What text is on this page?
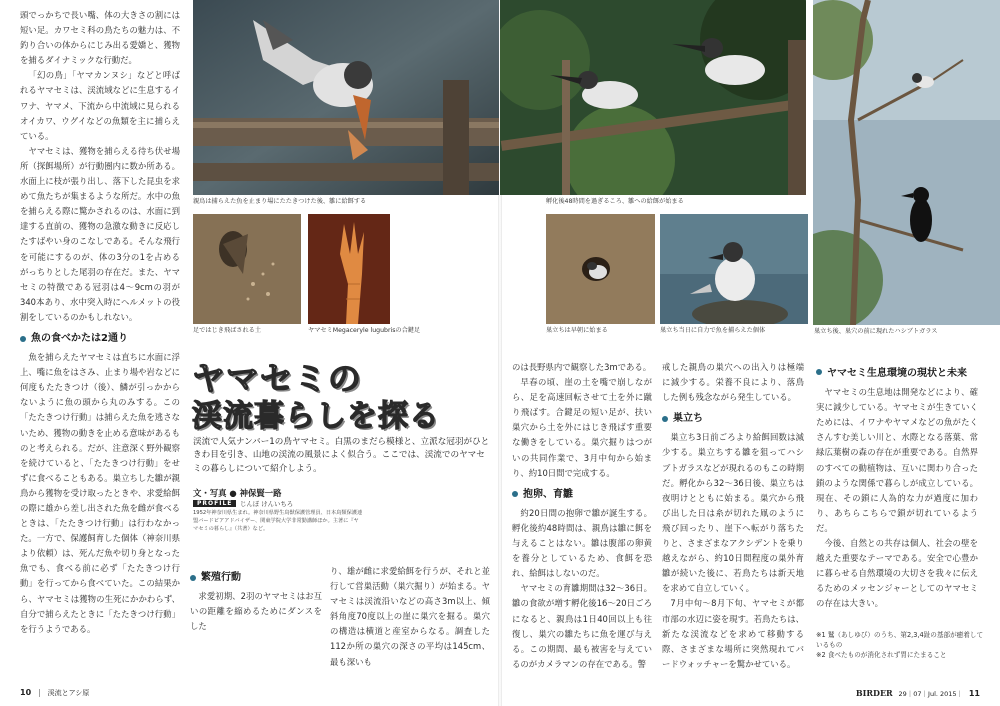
親鳥は捕らえた魚を止まり場にたたきつけた後、雛に給餌する	孵化後48時間を過ぎるころ、雛への給餌が始まる
巣立ち後、巣穴の前に現れたハシブトガラス
足ではじき飛ばされる土	ヤマセミMegaceryle lugubrisの合鍵足	巣立ちは早朝に始まる	巣立ち当日に自力で魚を捕らえた個体

頭でっかちで長い嘴、体の大きさの割には短い足。カワセミ科の鳥たちの魅力は、不釣り合いの体からにじみ出る愛嬌と、獲物を捕るダイナミックな行動だ。

「幻の鳥」「ヤマカンヌシ」などと呼ばれるヤマセミは、渓流域などに生息するイワナ、ヤマメ、下流から中流域に見られるオイカワ、ウグイなどの魚類を主に捕らえている。

ヤマセミは、獲物を捕らえる待ち伏せ場所（探餌場所）が行動圏内に数か所ある。水面上に枝が張り出し、落下した昆虫を求めて魚たちが集まるような所だ。水中の魚を捕らえる際に驚かされるのは、水面に到達する直前の、獲物の急激な動きに反応したすばやい身のこなしである。そんな飛行を可能にするのが、体の3分の1を占めるがっちりとした尾羽の存在だ。また、ヤマセミの特徴である冠羽は4〜9cmの羽が340本あり、水中突入時にヘルメットの役割をしているのかもしれない。

魚の食べかたは2通り

魚を捕らえたヤマセミは直ちに水面に浮上、嘴に魚をはさみ、止まり場や岩などに何度もたたきつけ（後）、鱗が引っかからないように魚の頭から丸のみする。この「たたきつけ行動」は捕らえた魚を逃さないため、獲物の動きを止める意味があるものと考えられる。だが、注意深く野外観察を続けていると、「たたきつけ行動」をせずに食べることもある。巣立ちした雛が親鳥から獲物を受け取ったときや、求愛給餌の際に雄から差し出された魚を雌が食べるときは、「たたきつけ行動」は行わなかった。一方で、保護飼育した個体（神奈川県より依頼）は、死んだ魚や切り身となった魚でも、食べる前に必ず「たたきつけ行動」を行ってから食べていた。この結果から、ヤマセミは獲物の生死にかかわらず、自分で捕らえたときに「たたきつけ行動」を行うようである。

ヤマセミの
渓流暮らしを探る
渓流で人気ナンバー1の鳥ヤマセミ。白黒のまだら模様と、立派な冠羽がひときわ目を引き、山地の渓流の風景によく似合う。ここでは、渓流でのヤマセミの暮らしについて紹介しよう。
文・写真 ● 神保賢一路
PROFILE	じんぼ けんいちろ
1952年神奈川県生まれ。神奈川県野生鳥獣保護管理員、日本鳥類保護連盟バードピアアドバイザー、関東学院大学非常勤講師ほか。主著に『ヤマセミの暮らし』（共著）など。
繁殖行動

求愛初期、2羽のヤマセミはお互いの距離を縮めるためにダンスをした

り、雄が雌に求愛給餌を行うが、それと並行して営巣活動（巣穴掘り）が始まる。ヤマセミは渓流沿いなどの高さ3m以上、傾斜角度70度以上の崖に巣穴を掘る。巣穴の構造は横道と産室からなる。調査した112か所の巣穴の深さの平均は145cm、最も深いも

のは長野県内で観察した3mである。

早春の頃、崖の土を嘴で崩しながら、足を高速回転させて土を外に蹴り飛ばす。合鍵足の短い足が、扶い巣穴から土を外にはじき飛ばす重要な働きをしている。巣穴掘りはつがいの共同作業で、3月中旬から始まり、約10日間で完成する。

抱卵、育雛

約20日間の抱卵で雛が誕生する。孵化後約48時間は、親鳥は雛に餌を与えることはない。雛は腹部の卵黄を養分としているため、食餌を恐れ、給餌はしないのだ。

ヤマセミの育雛期間は32〜36日。雛の食欲が増す孵化後16〜20日ごろになると、親鳥は1日40回以上も往復し、巣穴の雛たちに魚を運び与える。この期間、最も被害を与えているのがカメラマンの存在である。警

戒した親鳥の巣穴への出入りは極端に減少する。栄養不良により、落鳥した例も残念ながら発生している。

巣立ち

巣立ち3日前ごろより給餌回数は減少する。巣立ちする雛を狙ってハシブトガラスなどが現れるのもこの時期だ。孵化から32〜36日後、巣立ちは夜明けとともに始まる。巣穴から飛び出した日は糸が切れた凧のように飛び回ったり、崖下へ転がり落ちたりと、さまざまなアクシデントを乗り越えながら、約10日間程度の巣外育雛が続いた後に、若鳥たちは新天地を求めて自立していく。

7月中旬〜8月下旬、ヤマセミが都市部の水辺に姿を現す。若鳥たちは、新たな渓流などを求めて移動する際、さまざまな場所に突然現れてバードウォッチャーを驚かせている。

ヤマセミ生息環境の現状と未来

ヤマセミの生息地は開発などにより、確実に減少している。ヤマセミが生きていくためには、イワナやヤマメなどの魚がたくさんすむ美しい川と、水際となる落葉、常緑広葉樹の森の存在が重要である。自然界のすべての動植物は、互いに関わり合った鎖のような関係で暮らしが成立している。現在、その鎖に人為的な力が過度に加わり、あちらこちらで鎖が切れているようだ。

今後、自然との共存は個人、社会の壁を越えた重要なテーマである。安全で心豊かに暮らせる自然環境の大切さを我々に伝えるためのメッセンジャーとしてのヤマセミの存在は大きい。

※1 鷲（あしゆび）のうち、第2,3,4趾の基部が癒着しているもの
※2 食べたものが消化されず胃にたまること
10 | 渓流とアシ原	BIRDER 29｜07｜Jul. 2015｜ 11
